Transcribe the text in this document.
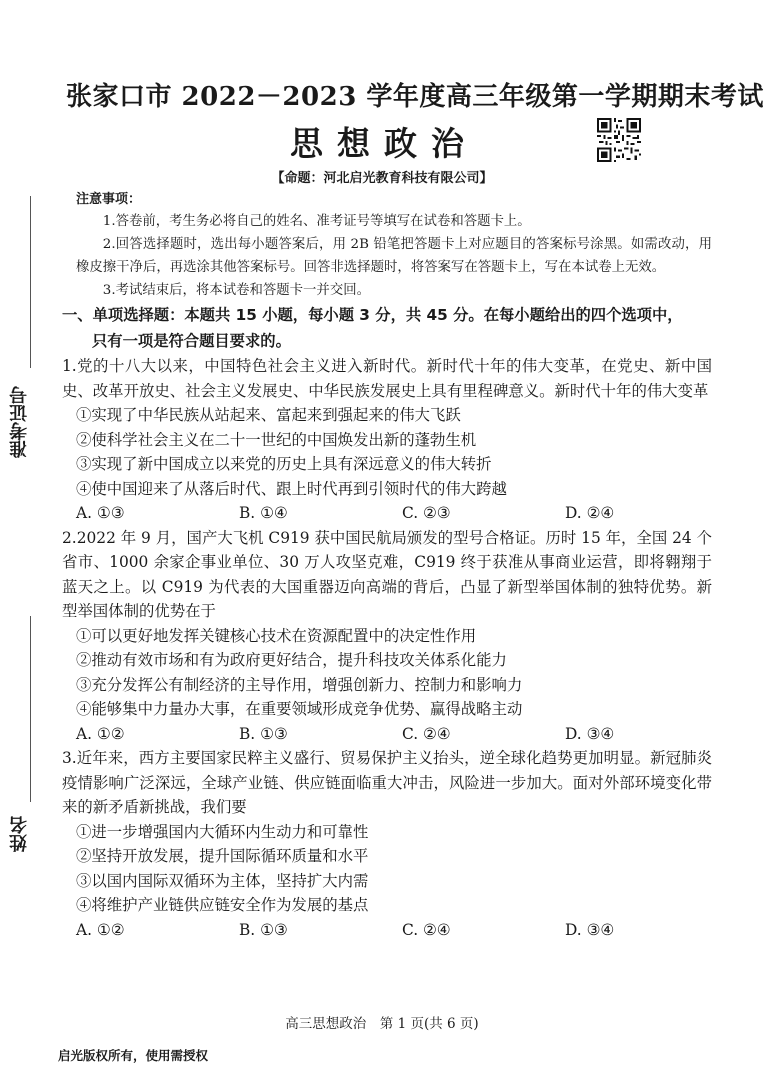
张家口市 2022－2023 学年度高三年级第一学期期末考试
思想政治
【命题：河北启光教育科技有限公司】
准考证号
姓名
注意事项：
1.答卷前，考生务必将自己的姓名、准考证号等填写在试卷和答题卡上。
2.回答选择题时，选出每小题答案后，用 2B 铅笔把答题卡上对应题目的答案标号涂黑。如需改动，用橡皮擦干净后，再选涂其他答案标号。回答非选择题时，将答案写在答题卡上，写在本试卷上无效。
3.考试结束后，将本试卷和答题卡一并交回。
一、单项选择题：本题共 15 小题，每小题 3 分，共 45 分。在每小题给出的四个选项中，
只有一项是符合题目要求的。
1.党的十八大以来，中国特色社会主义进入新时代。新时代十年的伟大变革，在党史、新中国史、改革开放史、社会主义发展史、中华民族发展史上具有里程碑意义。新时代十年的伟大变革
①实现了中华民族从站起来、富起来到强起来的伟大飞跃
②使科学社会主义在二十一世纪的中国焕发出新的蓬勃生机
③实现了新中国成立以来党的历史上具有深远意义的伟大转折
④使中国迎来了从落后时代、跟上时代再到引领时代的伟大跨越
A. ①③	B. ①④	C. ②③	D. ②④
2.2022 年 9 月，国产大飞机 C919 获中国民航局颁发的型号合格证。历时 15 年，全国 24 个省市、1000 余家企事业单位、30 万人攻坚克难，C919 终于获准从事商业运营，即将翱翔于蓝天之上。以 C919 为代表的大国重器迈向高端的背后，凸显了新型举国体制的独特优势。新型举国体制的优势在于
①可以更好地发挥关键核心技术在资源配置中的决定性作用
②推动有效市场和有为政府更好结合，提升科技攻关体系化能力
③充分发挥公有制经济的主导作用，增强创新力、控制力和影响力
④能够集中力量办大事，在重要领域形成竞争优势、赢得战略主动
A. ①②	B. ①③	C. ②④	D. ③④
3.近年来，西方主要国家民粹主义盛行、贸易保护主义抬头，逆全球化趋势更加明显。新冠肺炎疫情影响广泛深远，全球产业链、供应链面临重大冲击，风险进一步加大。面对外部环境变化带来的新矛盾新挑战，我们要
①进一步增强国内大循环内生动力和可靠性
②坚持开放发展，提升国际循环质量和水平
③以国内国际双循环为主体，坚持扩大内需
④将维护产业链供应链安全作为发展的基点
A. ①②	B. ①③	C. ②④	D. ③④
高三思想政治　第 1 页(共 6 页)
启光版权所有，使用需授权
